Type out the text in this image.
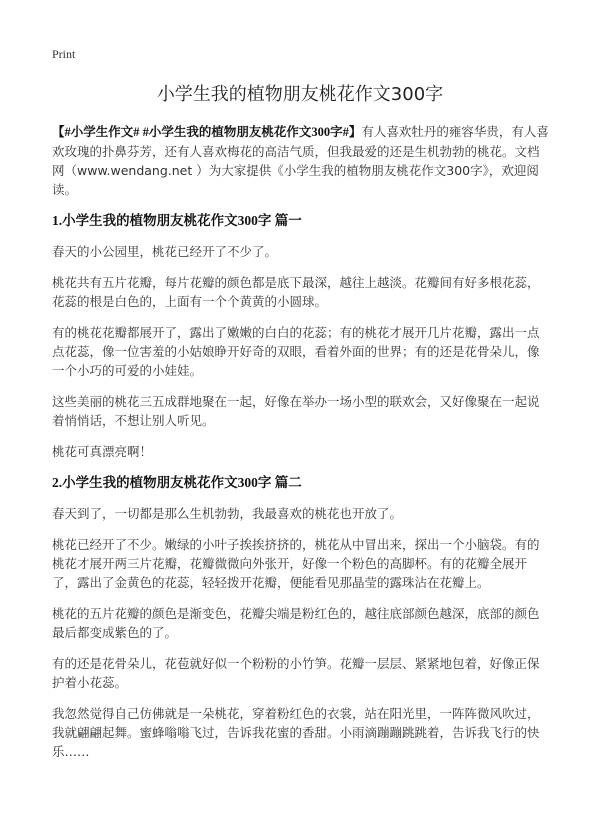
Print
小学生我的植物朋友桃花作文300字

【#小学生作文# #小学生我的植物朋友桃花作文300字#】有人喜欢牡丹的雍容华贵，有人喜欢玫瑰的扑鼻芬芳，还有人喜欢梅花的高洁气质，但我最爱的还是生机勃勃的桃花。文档网（www.wendang.net ）为大家提供《小学生我的植物朋友桃花作文300字》，欢迎阅读。

1.小学生我的植物朋友桃花作文300字 篇一

春天的小公园里，桃花已经开了不少了。

桃花共有五片花瓣，每片花瓣的颜色都是底下最深，越往上越淡。花瓣间有好多根花蕊，花蕊的根是白色的，上面有一个个黄黄的小圆球。

有的桃花花瓣都展开了，露出了嫩嫩的白白的花蕊；有的桃花才展开几片花瓣，露出一点点花蕊，像一位害羞的小姑娘睁开好奇的双眼，看着外面的世界；有的还是花骨朵儿，像一个小巧的可爱的小娃娃。

这些美丽的桃花三五成群地聚在一起，好像在举办一场小型的联欢会，又好像聚在一起说着悄悄话，不想让别人听见。

桃花可真漂亮啊！

2.小学生我的植物朋友桃花作文300字 篇二

春天到了，一切都是那么生机勃勃，我最喜欢的桃花也开放了。

桃花已经开了不少。嫩绿的小叶子挨挨挤挤的，桃花从中冒出来，探出一个小脑袋。有的桃花才展开两三片花瓣，花瓣微微向外张开，好像一个粉色的高脚杯。有的花瓣全展开了，露出了金黄色的花蕊，轻轻拨开花瓣，便能看见那晶莹的露珠沾在花瓣上。

桃花的五片花瓣的颜色是渐变色，花瓣尖端是粉红色的，越往底部颜色越深，底部的颜色最后都变成紫色的了。

有的还是花骨朵儿，花苞就好似一个粉粉的小竹笋。花瓣一层层、紧紧地包着，好像正保护着小花蕊。

我忽然觉得自己仿佛就是一朵桃花，穿着粉红色的衣裳，站在阳光里，一阵阵微风吹过，我就翩翩起舞。蜜蜂嗡嗡飞过，告诉我花蜜的香甜。小雨滴蹦蹦跳跳着，告诉我飞行的快乐……
